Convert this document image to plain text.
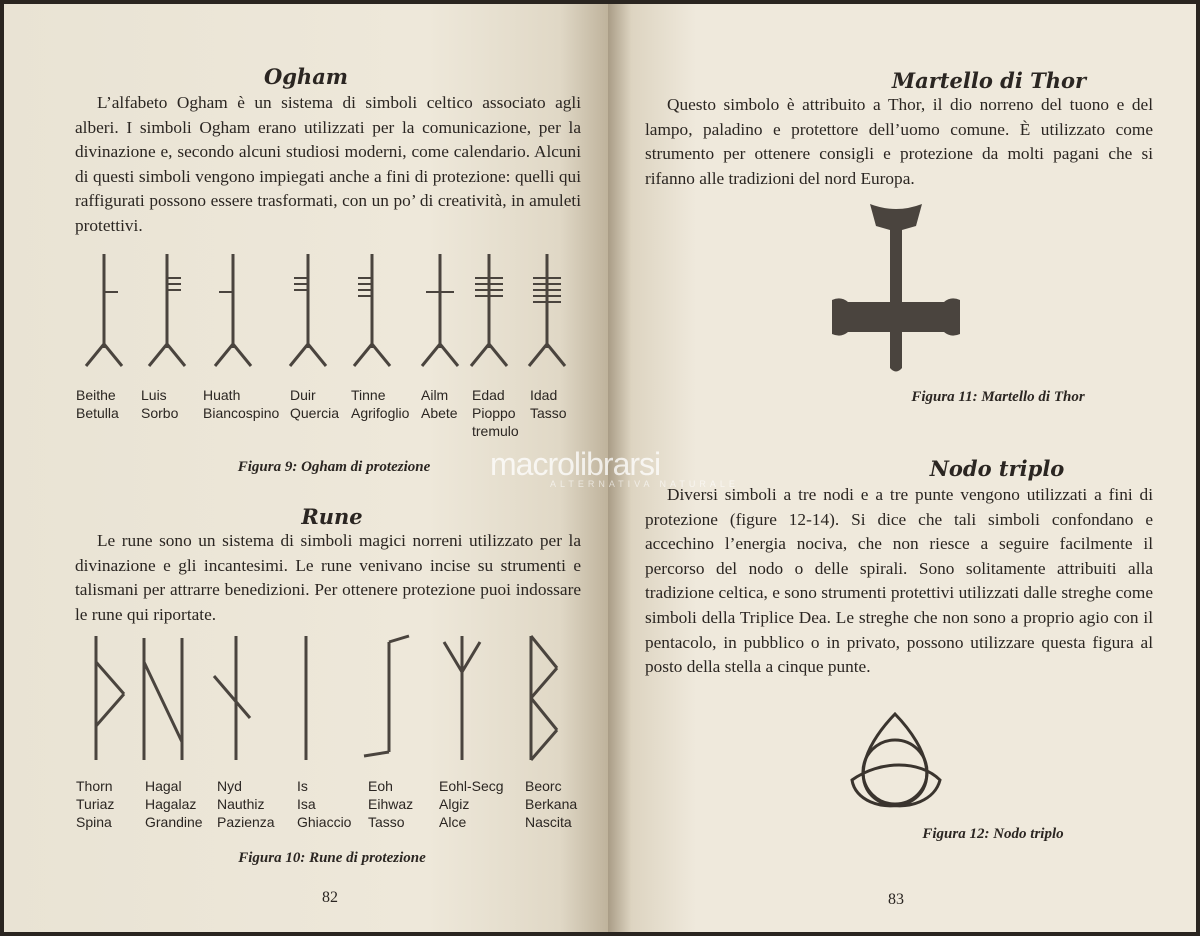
Ogham
L’alfabeto Ogham è un sistema di simboli celtico associato agli alberi. I simboli Ogham erano utilizzati per la comunicazione, per la divinazione e, secondo alcuni studiosi moderni, come calendario. Alcuni di questi simboli vengono impiegati anche a fini di protezione: quelli qui raffigurati possono essere trasformati, con un po’ di creatività, in amuleti protettivi.
Beithe
Betulla
Luis
Sorbo
Huath
Biancospino
Duir
Quercia
Tinne
Agrifoglio
Ailm
Abete
Edad
Pioppo
tremulo
Idad
Tasso
Figura 9: Ogham di protezione
Rune
Le rune sono un sistema di simboli magici norreni utilizzato per la divinazione e gli incantesimi. Le rune venivano incise su strumenti e talismani per attrarre benedizioni. Per ottenere protezione puoi indossare le rune qui riportate.
Thorn
Turiaz
Spina
Hagal
Hagalaz
Grandine
Nyd
Nauthiz
Pazienza
Is
Isa
Ghiaccio
Eoh
Eihwaz
Tasso
Eohl-Secg
Algiz
Alce
Beorc
Berkana
Nascita
Figura 10: Rune di protezione
82
Martello di Thor
Questo simbolo è attribuito a Thor, il dio norreno del tuono e del lampo, paladino e protettore dell’uomo comune. È utilizzato come strumento per ottenere consigli e protezione da molti pagani che si rifanno alle tradizioni del nord Europa.
Figura 11: Martello di Thor
Nodo triplo
Diversi simboli a tre nodi e a tre punte vengono utilizzati a fini di protezione (figure 12-14). Si dice che tali simboli confondano e accechino l’energia nociva, che non riesce a seguire facilmente il percorso del nodo o delle spirali. Sono solitamente attribuiti alla tradizione celtica, e sono strumenti protettivi utilizzati dalle streghe come simboli della Triplice Dea. Le streghe che non sono a proprio agio con il pentacolo, in pubblico o in privato, possono utilizzare questa figura al posto della stella a cinque punte.
Figura 12: Nodo triplo
83
macrolibrarsi
ALTERNATIVA NATURALE
